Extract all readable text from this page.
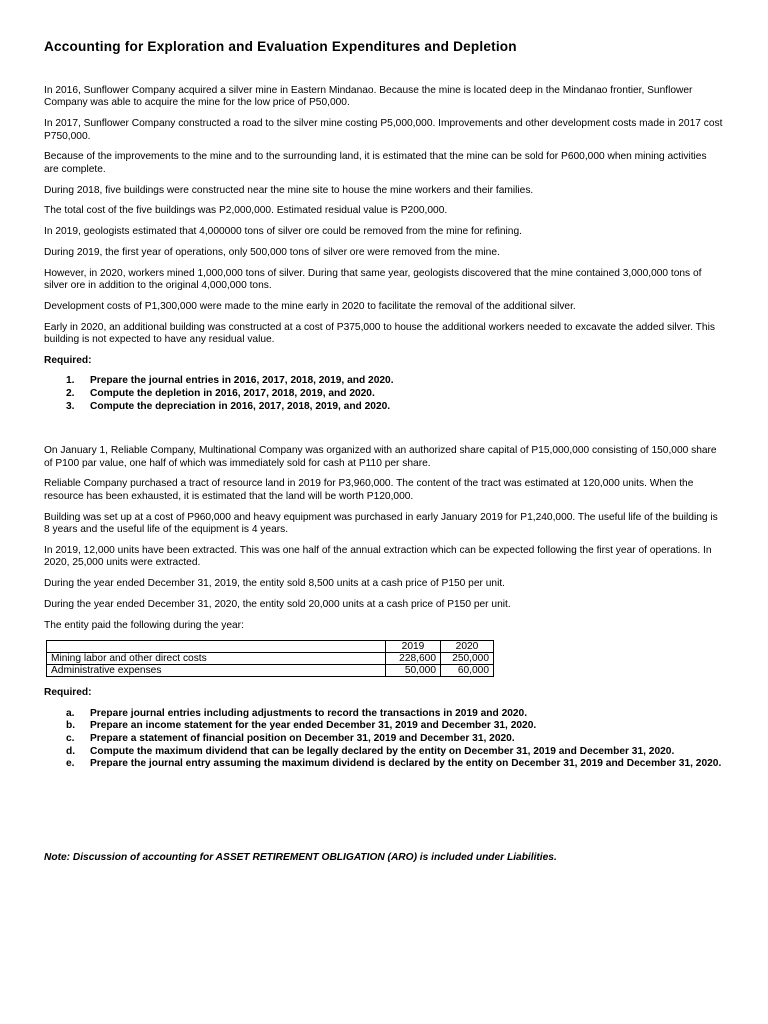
Accounting for Exploration and Evaluation Expenditures and Depletion

In 2016, Sunflower Company acquired a silver mine in Eastern Mindanao. Because the mine is located deep in the Mindanao frontier, Sunflower Company was able to acquire the mine for the low price of P50,000.

In 2017, Sunflower Company constructed a road to the silver mine costing P5,000,000. Improvements and other development costs made in 2017 cost P750,000.

Because of the improvements to the mine and to the surrounding land, it is estimated that the mine can be sold for P600,000 when mining activities are complete.

During 2018, five buildings were constructed near the mine site to house the mine workers and their families.

The total cost of the five buildings was P2,000,000. Estimated residual value is P200,000.

In 2019, geologists estimated that 4,000000 tons of silver ore could be removed from the mine for refining.

During 2019, the first year of operations, only 500,000 tons of silver ore were removed from the mine.

However, in 2020, workers mined 1,000,000 tons of silver. During that same year, geologists discovered that the mine contained 3,000,000 tons of silver ore in addition to the original 4,000,000 tons.

Development costs of P1,300,000 were made to the mine early in 2020 to facilitate the removal of the additional silver.

Early in 2020, an additional building was constructed at a cost of P375,000 to house the additional workers needed to excavate the added silver. This building is not expected to have any residual value.

Required:

1. Prepare the journal entries in 2016, 2017, 2018, 2019, and 2020.
2. Compute the depletion in 2016, 2017, 2018, 2019, and 2020.
3. Compute the depreciation in 2016, 2017, 2018, 2019, and 2020.

On January 1, Reliable Company, Multinational Company was organized with an authorized share capital of P15,000,000 consisting of 150,000 share of P100 par value, one half of which was immediately sold for cash at P110 per share.

Reliable Company purchased a tract of resource land in 2019 for P3,960,000. The content of the tract was estimated at 120,000 units. When the resource has been exhausted, it is estimated that the land will be worth P120,000.

Building was set up at a cost of P960,000 and heavy equipment was purchased in early January 2019 for P1,240,000. The useful life of the building is 8 years and the useful life of the equipment is 4 years.

In 2019, 12,000 units have been extracted. This was one half of the annual extraction which can be expected following the first year of operations. In 2020, 25,000 units were extracted.

During the year ended December 31, 2019, the entity sold 8,500 units at a cash price of P150 per unit.

During the year ended December 31, 2020, the entity sold 20,000 units at a cash price of P150 per unit.

The entity paid the following during the year:

	2019	2020
Mining labor and other direct costs	228,600	250,000
Administrative expenses	50,000	60,000

Required:

a. Prepare journal entries including adjustments to record the transactions in 2019 and 2020.
b. Prepare an income statement for the year ended December 31, 2019 and December 31, 2020.
c. Prepare a statement of financial position on December 31, 2019 and December 31, 2020.
d. Compute the maximum dividend that can be legally declared by the entity on December 31, 2019 and December 31, 2020.
e. Prepare the journal entry assuming the maximum dividend is declared by the entity on December 31, 2019 and December 31, 2020.
Note: Discussion of accounting for ASSET RETIREMENT OBLIGATION (ARO) is included under Liabilities.
